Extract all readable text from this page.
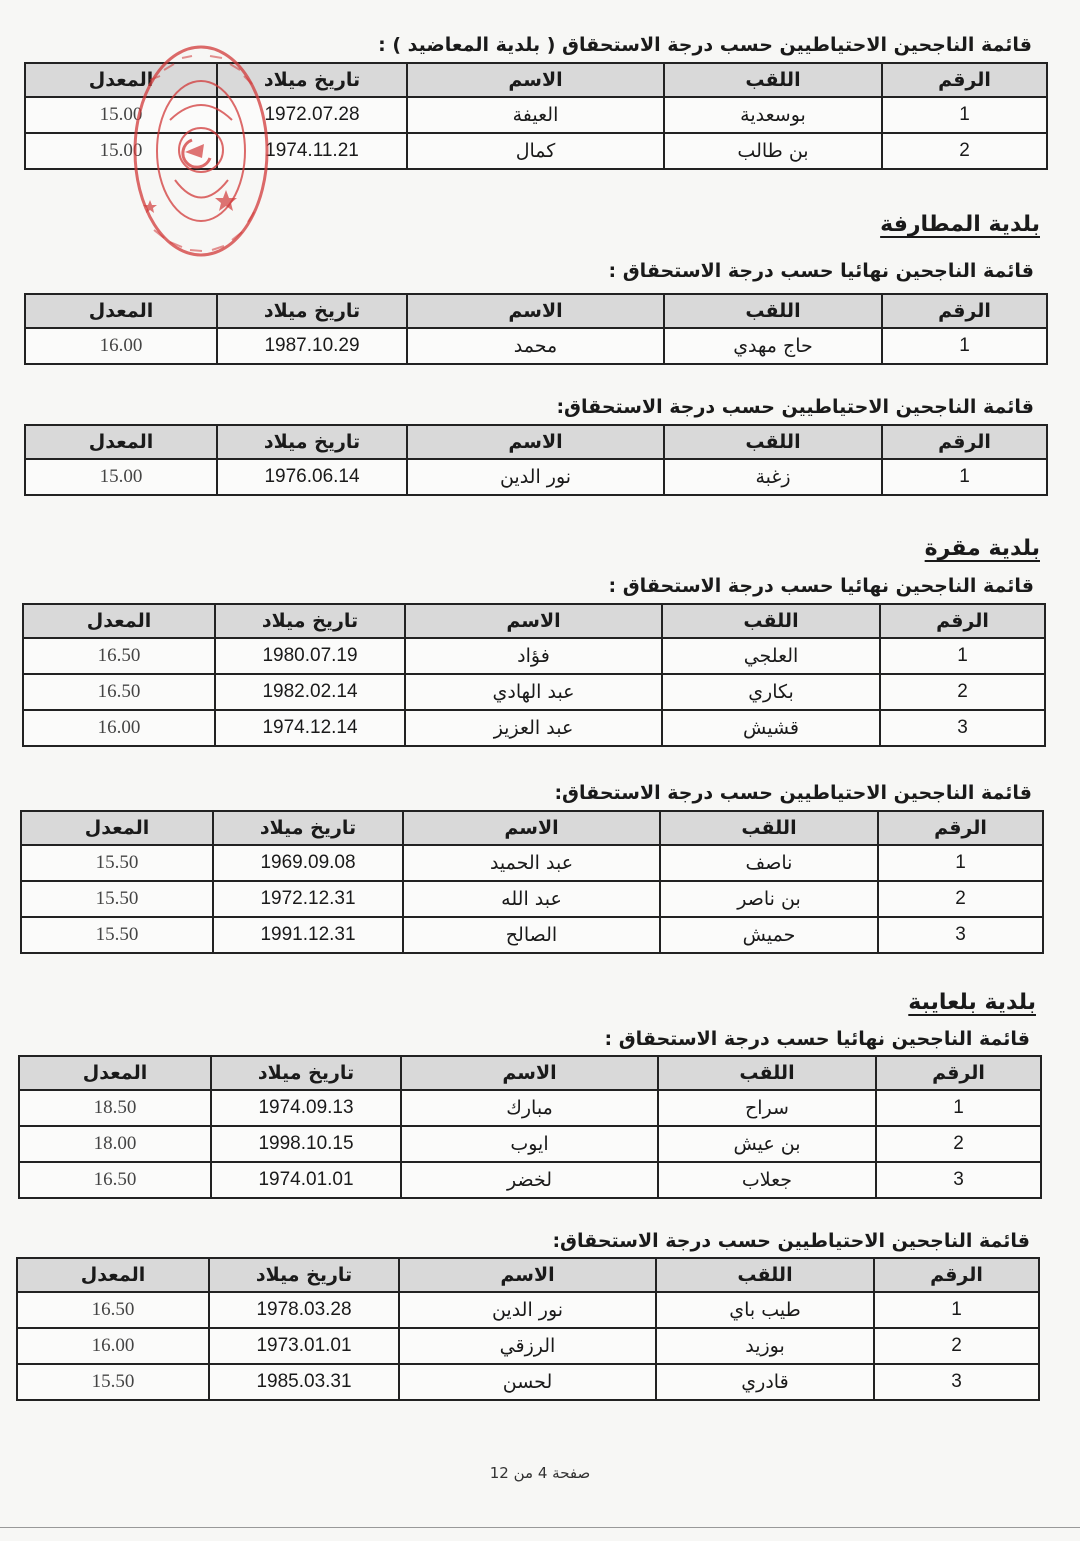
قائمة الناجحين الاحتياطيين حسب درجة الاستحقاق ( بلدية المعاضيد ) :
الرقم	اللقب	الاسم	تاريخ ميلاد	المعدل
1	بوسعدية	العيفة	1972.07.28	15.00
2	بن طالب	كمال	1974.11.21	15.00
بلدية المطارفة
قائمة الناجحين نهائيا حسب درجة الاستحقاق :
الرقم	اللقب	الاسم	تاريخ ميلاد	المعدل
1	حاج مهدي	محمد	1987.10.29	16.00
قائمة الناجحين الاحتياطيين حسب درجة الاستحقاق:
الرقم	اللقب	الاسم	تاريخ ميلاد	المعدل
1	زغبة	نور الدين	1976.06.14	15.00
بلدية مقرة
قائمة الناجحين نهائيا حسب درجة الاستحقاق :
الرقم	اللقب	الاسم	تاريخ ميلاد	المعدل
1	العلجي	فؤاد	1980.07.19	16.50
2	بكاري	عبد الهادي	1982.02.14	16.50
3	قشيش	عبد العزيز	1974.12.14	16.00
قائمة الناجحين الاحتياطيين حسب درجة الاستحقاق:
الرقم	اللقب	الاسم	تاريخ ميلاد	المعدل
1	ناصف	عبد الحميد	1969.09.08	15.50
2	بن ناصر	عبد الله	1972.12.31	15.50
3	حميش	الصالح	1991.12.31	15.50
بلدية بلعايبة
قائمة الناجحين نهائيا حسب درجة الاستحقاق :
الرقم	اللقب	الاسم	تاريخ ميلاد	المعدل
1	سراح	مبارك	1974.09.13	18.50
2	بن عيش	ايوب	1998.10.15	18.00
3	جعلاب	لخضر	1974.01.01	16.50
قائمة الناجحين الاحتياطيين حسب درجة الاستحقاق:
الرقم	اللقب	الاسم	تاريخ ميلاد	المعدل
1	طيب باي	نور الدين	1978.03.28	16.50
2	بوزيد	الرزقي	1973.01.01	16.00
3	قادري	لحسن	1985.03.31	15.50
صفحة 4 من 12
